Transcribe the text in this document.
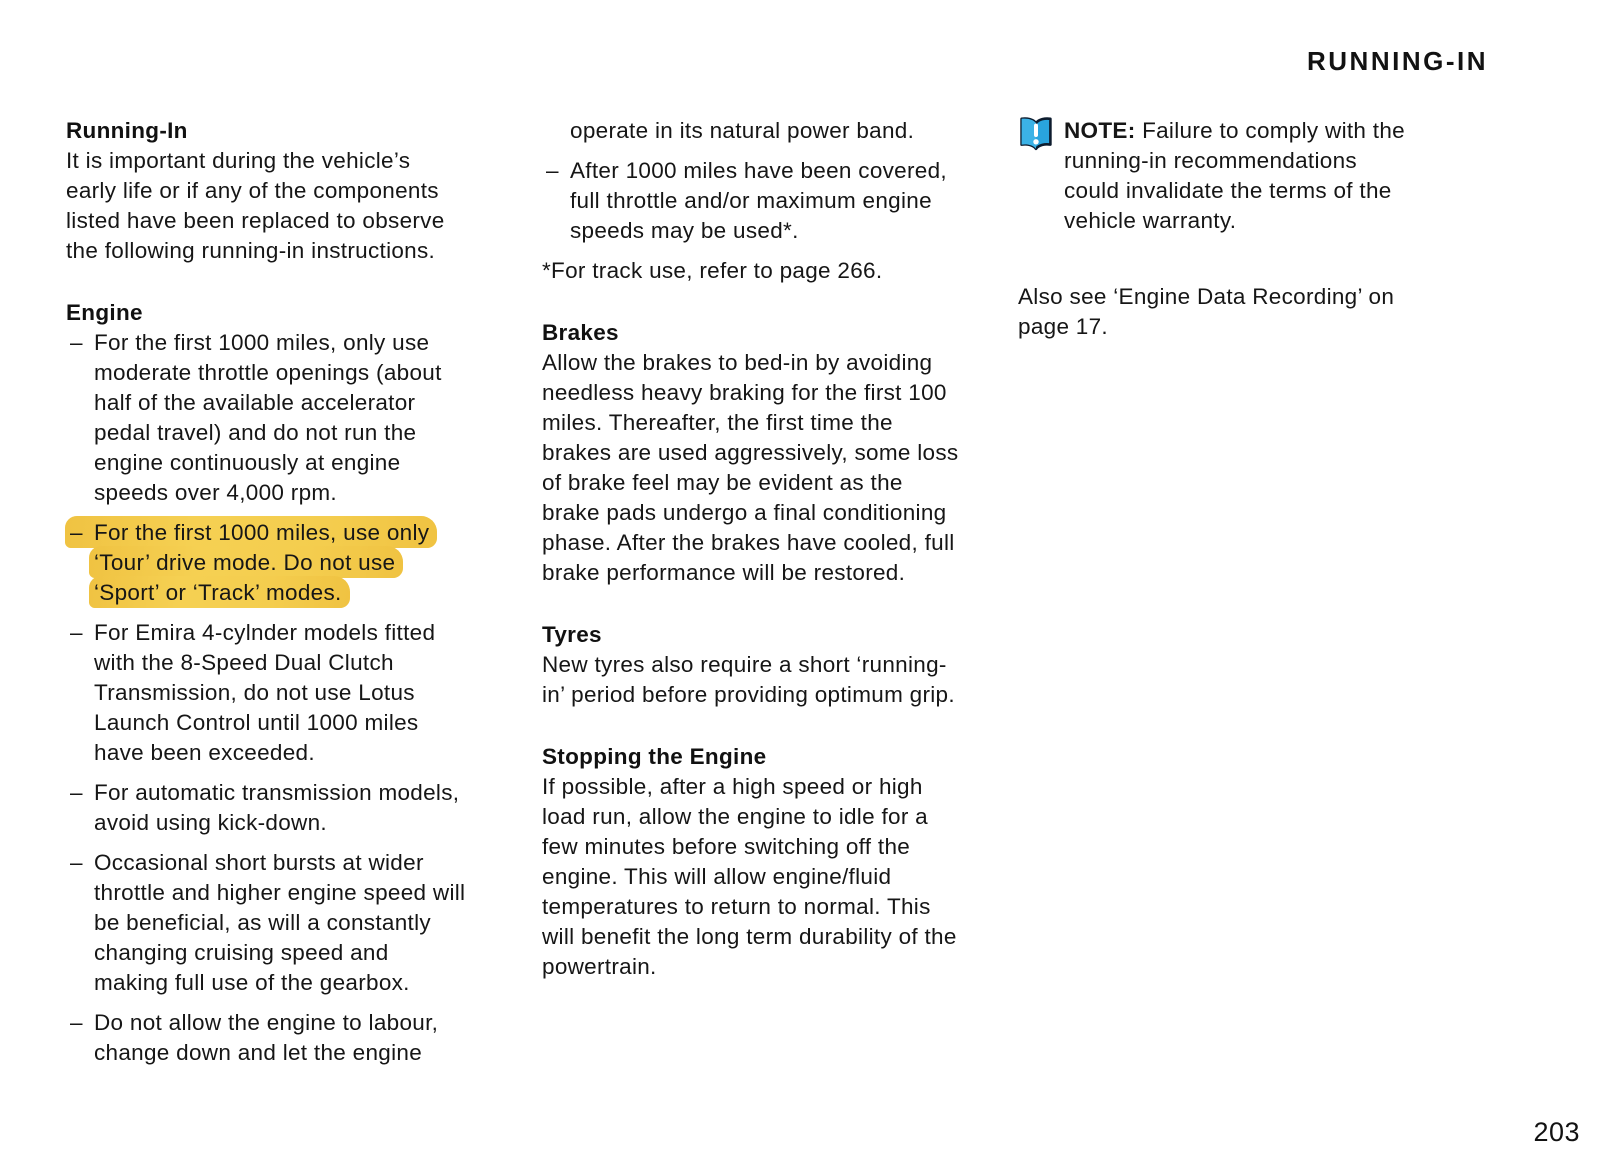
RUNNING-IN
Running-In

It is important during the vehicle’s early life or if any of the components listed have been replaced to observe the following running-in instructions.

Engine
– For the first 1000 miles, only use moderate throttle openings (about half of the available accelerator pedal travel) and do not run the engine continuously at engine speeds over 4,000 rpm.
– For the first 1000 miles, use only ‘Tour’ drive mode. Do not use ‘Sport’ or ‘Track’ modes.
– For Emira 4-cylnder models fitted with the 8-Speed Dual Clutch Transmission, do not use Lotus Launch Control until 1000 miles have been exceeded.
– For automatic transmission models, avoid using kick-down.
– Occasional short bursts at wider throttle and higher engine speed will be beneficial, as will a constantly changing cruising speed and making full use of the gearbox.
– Do not allow the engine to labour, change down and let the engine
operate in its natural power band.
– After 1000 miles have been covered, full throttle and/or maximum engine speeds may be used*.
*For track use, refer to page 266.
Brakes

Allow the brakes to bed-in by avoiding needless heavy braking for the first 100 miles. Thereafter, the first time the brakes are used aggressively, some loss of brake feel may be evident as the brake pads undergo a final conditioning phase. After the brakes have cooled, full brake performance will be restored.

Tyres

New tyres also require a short ‘running-in’ period before providing optimum grip.

Stopping the Engine

If possible, after a high speed or high load run, allow the engine to idle for a few minutes before switching off the engine. This will allow engine/fluid temperatures to return to normal. This will benefit the long term durability of the powertrain.

NOTE: Failure to comply with the running-in recommendations could invalidate the terms of the vehicle warranty.
Also see ‘Engine Data Recording’ on page 17.
203
